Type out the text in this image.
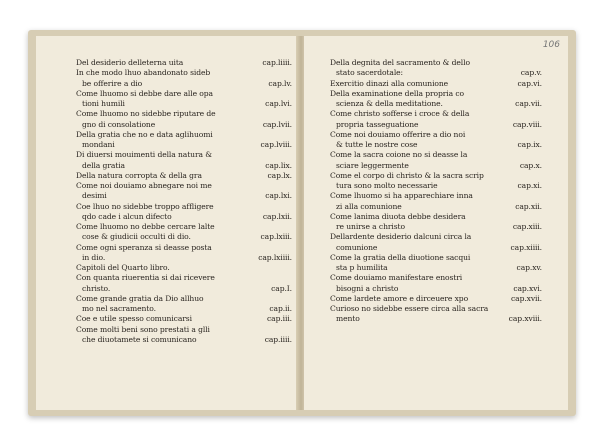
Del desiderio delleterna uita	cap.liiii.
In che modo lhuo abandonato sideb
be offerire a dio	cap.lv.
Come lhuomo si debbe dare alle opa
tioni humili	cap.lvi.
Come lhuomo no sidebbe riputare de
gno di consolatione	cap.lvii.
Della gratia che no e data aglihuomi
mondani	cap.lviii.
Di diuersi mouimenti della natura &
della gratia	cap.lix.
Della natura corropta & della gra	cap.lx.
Come noi douiamo abnegare noi me
desimi	cap.lxi.
Coe lhuo no sidebbe troppo affligere
qdo cade i alcun difecto	cap.lxii.
Come lhuomo no debbe cercare lalte
cose & giudicii occulti di dio.	cap.lxiii.
Come ogni speranza si deasse posta
in dio.	cap.lxiiii.
Capitoli del Quarto libro.
Con quanta riuerentia si dai ricevere
christo.	cap.I.
Come grande gratia da Dio allhuo
mo nel sacramento.	cap.ii.
Coe e utile spesso comunicarsi	cap.iii.
Come molti beni sono prestati a glli
che diuotamete si comunicano	cap.iiii.
106
Della degnita del sacramento & dello
stato sacerdotale:	cap.v.
Exercitio dinazi alla comunione	cap.vi.
Della examinatione della propria co
scienza & della meditatione.	cap.vii.
Come christo sofferse i croce & della
propria tasseguatione	cap.viii.
Come noi douiamo offerire a dio noi
& tutte le nostre cose	cap.ix.
Come la sacra coione no si deasse la
sciare leggermente	cap.x.
Come el corpo di christo & la sacra scrip
tura sono molto necessarie	cap.xi.
Come lhuomo si ha apparechiare inna
zi alla comunione	cap.xii.
Come lanima diuota debbe desidera
re unirse a christo	cap.xiii.
Dellardente desiderio dalcuni circa la
comunione	cap.xiiii.
Come la gratia della diuotione sacqui
sta p humilita	cap.xv.
Come douiamo manifestare enostri
bisogni a christo	cap.xvi.
Come lardete amore e dirceuere xpo	cap.xvii.
Curioso no sidebbe essere circa alla sacra
mento	cap.xviii.
